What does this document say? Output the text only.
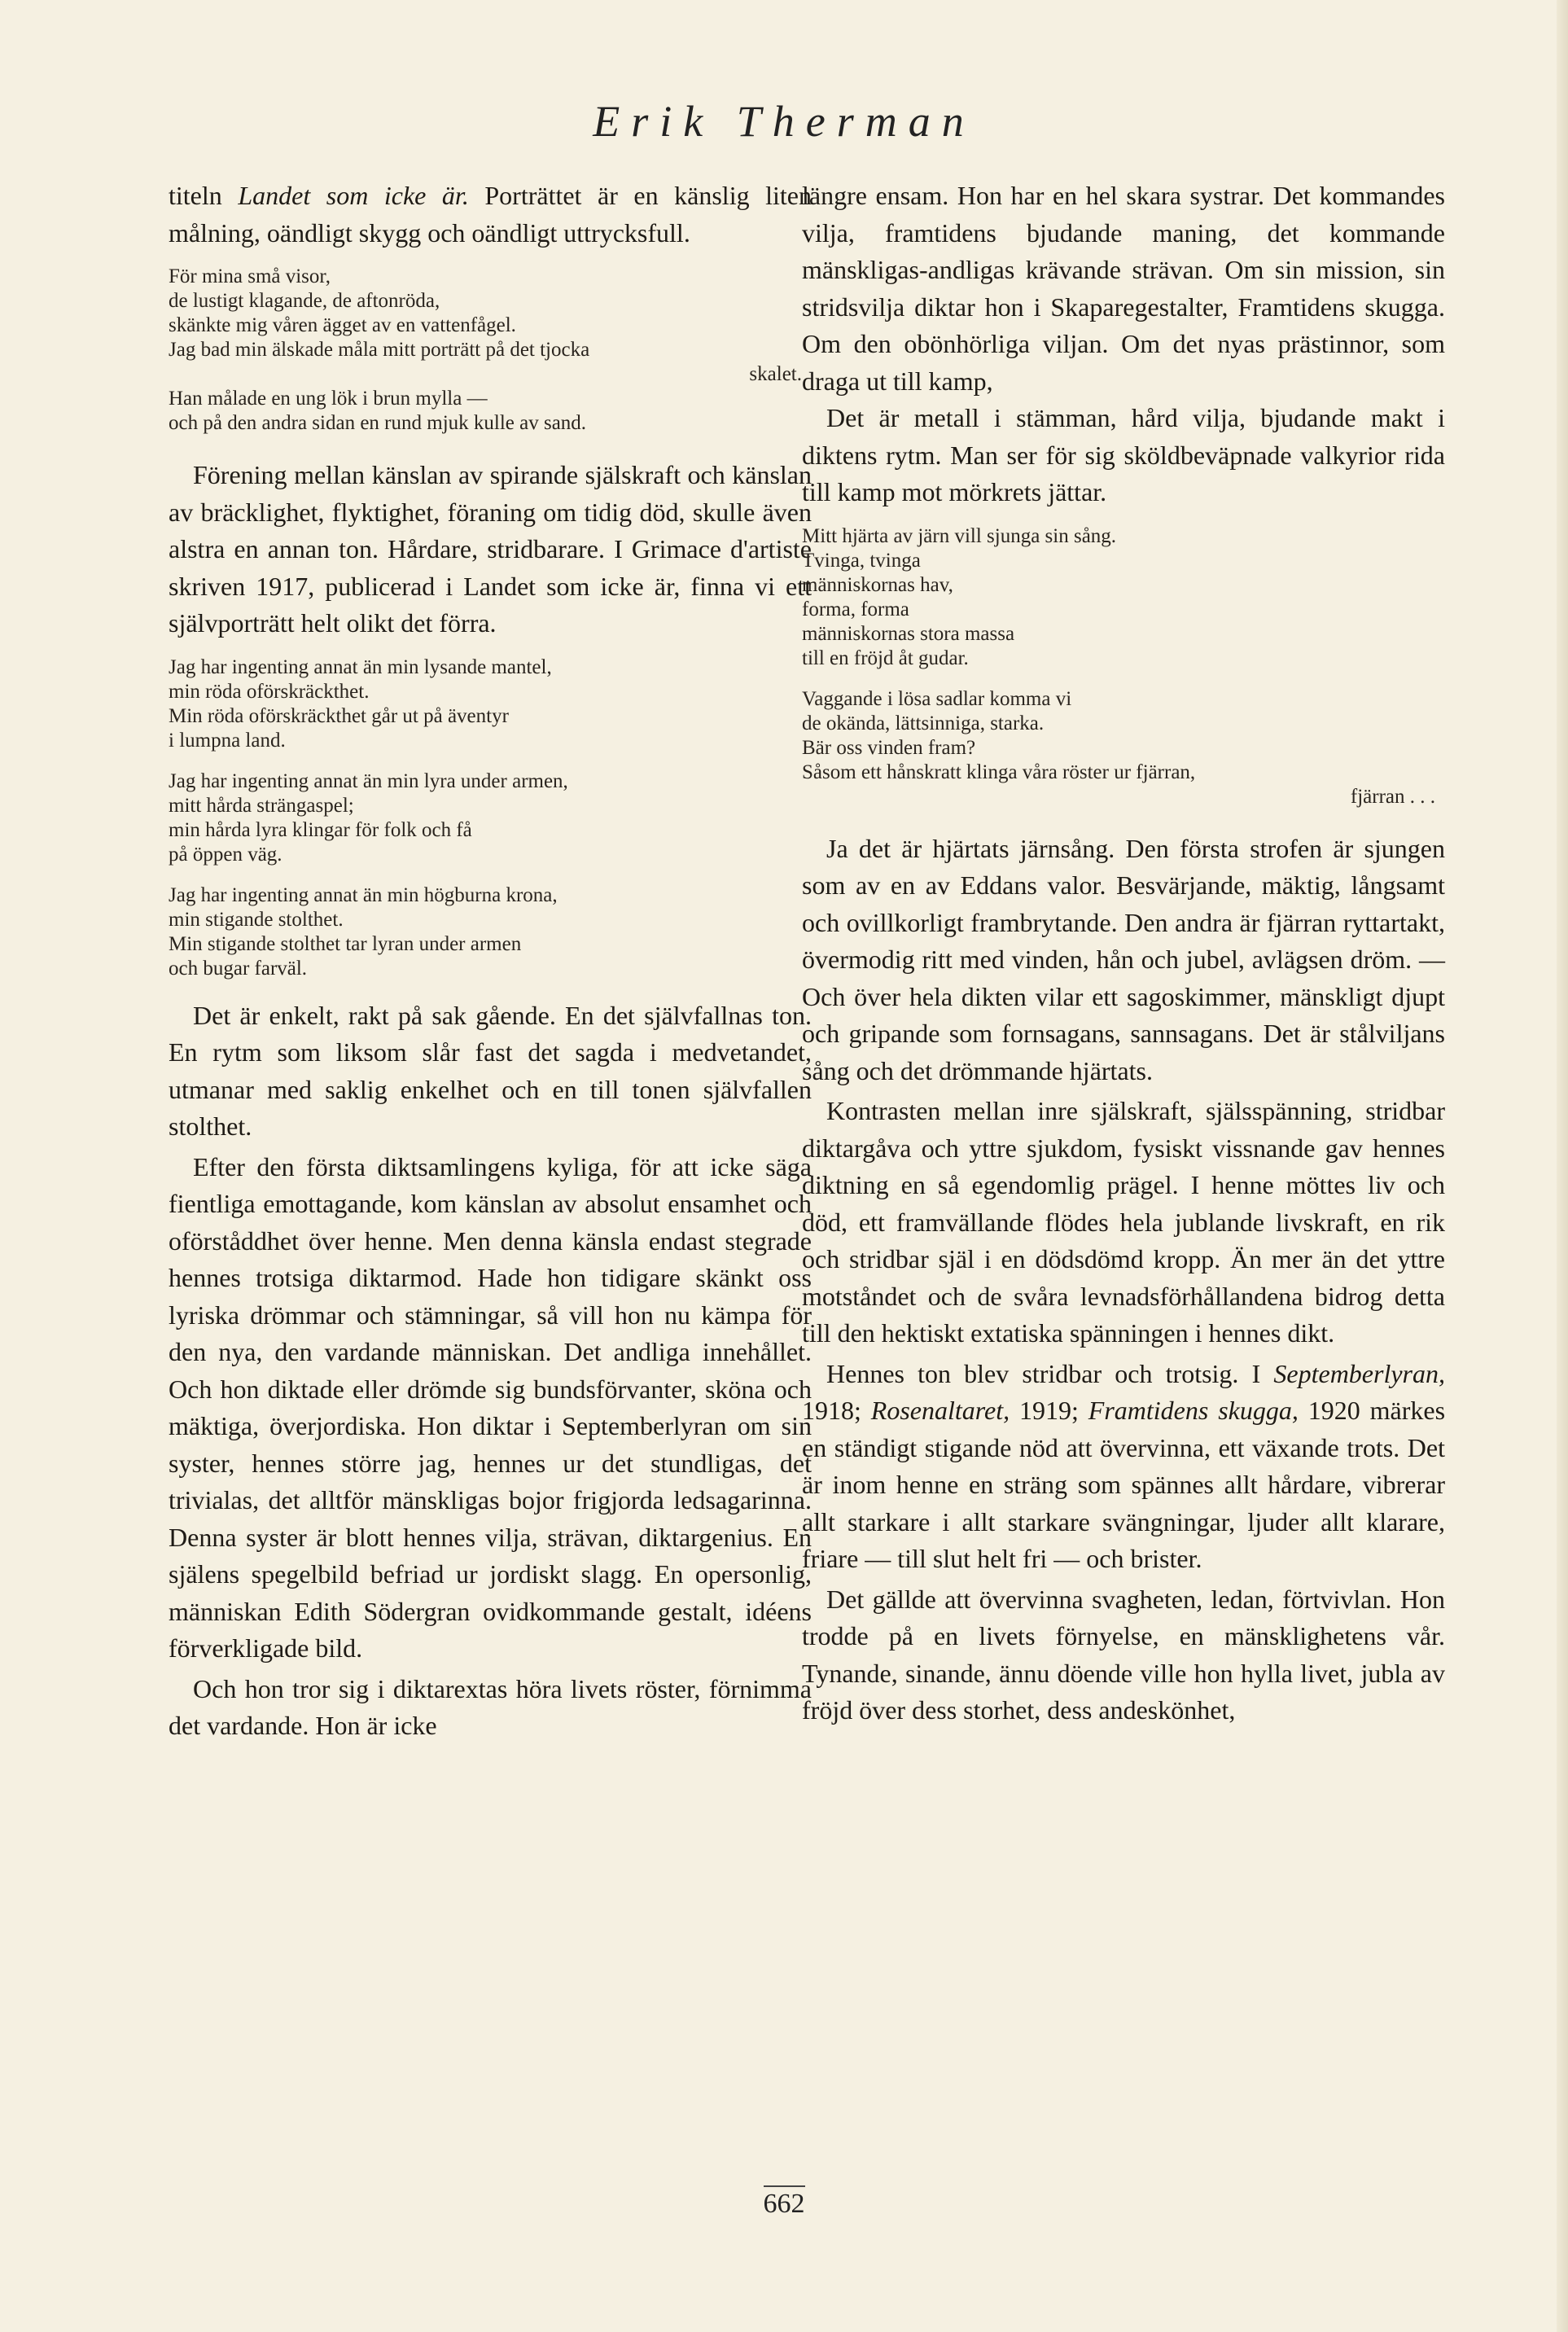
Erik Therman

titeln Landet som icke är. Porträttet är en känslig liten målning, oändligt skygg och oändligt uttrycksfull.

För mina små visor,
de lustigt klagande, de aftonröda,
skänkte mig våren ägget av en vattenfågel.
Jag bad min älskade måla mitt porträtt på det tjocka
skalet.
Han målade en ung lök i brun mylla —
och på den andra sidan en rund mjuk kulle av sand.

Förening mellan känslan av spirande själskraft och känslan av bräcklighet, flyktighet, föraning om tidig död, skulle även alstra en annan ton. Hårdare, stridbarare. I Grimace d'artiste skriven 1917, publicerad i Landet som icke är, finna vi ett självporträtt helt olikt det förra.

Jag har ingenting annat än min lysande mantel,
min röda oförskräckthet.
Min röda oförskräckthet går ut på äventyr
i lumpna land.
Jag har ingenting annat än min lyra under armen,
mitt hårda strängaspel;
min hårda lyra klingar för folk och få
på öppen väg.
Jag har ingenting annat än min högburna krona,
min stigande stolthet.
Min stigande stolthet tar lyran under armen
och bugar farväl.

Det är enkelt, rakt på sak gående. En det självfallnas ton. En rytm som liksom slår fast det sagda i medvetandet, utmanar med saklig enkelhet och en till tonen självfallen stolthet.

Efter den första diktsamlingens kyliga, för att icke säga fientliga emottagande, kom känslan av absolut ensamhet och oförståddhet över henne. Men denna känsla endast stegrade hennes trotsiga diktarmod. Hade hon tidigare skänkt oss lyriska drömmar och stämningar, så vill hon nu kämpa för den nya, den vardande människan. Det andliga innehållet. Och hon diktade eller drömde sig bundsförvanter, sköna och mäktiga, överjordiska. Hon diktar i Septemberlyran om sin syster, hennes större jag, hennes ur det stundligas, det trivialas, det alltför mänskligas bojor frigjorda ledsagarinna. Denna syster är blott hennes vilja, strävan, diktargenius. En själens spegelbild befriad ur jordiskt slagg. En opersonlig, människan Edith Södergran ovidkommande gestalt, idéens förverkligade bild.

Och hon tror sig i diktarextas höra livets röster, förnimma det vardande. Hon är icke

längre ensam. Hon har en hel skara systrar. Det kommandes vilja, framtidens bjudande maning, det kommande mänskligas-andligas krävande strävan. Om sin mission, sin stridsvilja diktar hon i Skaparegestalter, Framtidens skugga. Om den obönhörliga viljan. Om det nyas prästinnor, som draga ut till kamp,

Det är metall i stämman, hård vilja, bjudande makt i diktens rytm. Man ser för sig sköldbeväpnade valkyrior rida till kamp mot mörkrets jättar.

Mitt hjärta av järn vill sjunga sin sång.
Tvinga, tvinga
människornas hav,
forma, forma
människornas stora massa
till en fröjd åt gudar.
Vaggande i lösa sadlar komma vi
de okända, lättsinniga, starka.
Bär oss vinden fram?
Såsom ett hånskratt klinga våra röster ur fjärran,
fjärran . . .

Ja det är hjärtats järnsång. Den första strofen är sjungen som av en av Eddans valor. Besvärjande, mäktig, långsamt och ovillkorligt frambrytande. Den andra är fjärran ryttartakt, övermodig ritt med vinden, hån och jubel, avlägsen dröm. — Och över hela dikten vilar ett sagoskimmer, mänskligt djupt och gripande som fornsagans, sannsagans. Det är stålviljans sång och det drömmande hjärtats.

Kontrasten mellan inre själskraft, själsspänning, stridbar diktargåva och yttre sjukdom, fysiskt vissnande gav hennes diktning en så egendomlig prägel. I henne möttes liv och död, ett framvällande flödes hela jublande livskraft, en rik och stridbar själ i en dödsdömd kropp. Än mer än det yttre motståndet och de svåra levnadsförhållandena bidrog detta till den hektiskt extatiska spänningen i hennes dikt.

Hennes ton blev stridbar och trotsig. I Septemberlyran, 1918; Rosenaltaret, 1919; Framtidens skugga, 1920 märkes en ständigt stigande nöd att övervinna, ett växande trots. Det är inom henne en sträng som spännes allt hårdare, vibrerar allt starkare i allt starkare svängningar, ljuder allt klarare, friare — till slut helt fri — och brister.

Det gällde att övervinna svagheten, ledan, förtvivlan. Hon trodde på en livets förnyelse, en mänsklighetens vår. Tynande, sinande, ännu döende ville hon hylla livet, jubla av fröjd över dess storhet, dess andeskönhet,

662
